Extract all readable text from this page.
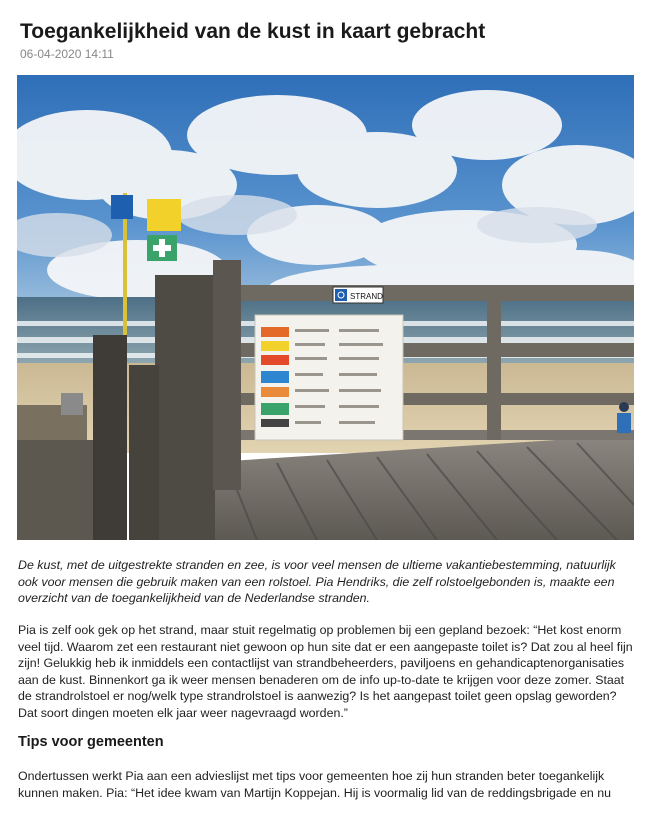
Toegankelijkheid van de kust in kaart gebracht
06-04-2020 14:11
STRAND

De kust, met de uitgestrekte stranden en zee, is voor veel mensen de ultieme vakantiebestemming, natuurlijk ook voor mensen die gebruik maken van een rolstoel. Pia Hendriks, die zelf rolstoelgebonden is, maakte een overzicht van de toegankelijkheid van de Nederlandse stranden.

Pia is zelf ook gek op het strand, maar stuit regelmatig op problemen bij een gepland bezoek: “Het kost enorm veel tijd. Waarom zet een restaurant niet gewoon op hun site dat er een aangepaste toilet is? Dat zou al heel fijn zijn! Gelukkig heb ik inmiddels een contactlijst van strandbeheerders, paviljoens en gehandicaptenorganisaties aan de kust. Binnenkort ga ik weer mensen benaderen om de info up-to-date te krijgen voor deze zomer. Staat de strandrolstoel er nog/welk type strandrolstoel is aanwezig? Is het aangepast toilet geen opslag geworden? Dat soort dingen moeten elk jaar weer nagevraagd worden.”

Tips voor gemeenten

Ondertussen werkt Pia aan een advieslijst met tips voor gemeenten hoe zij hun stranden beter toegankelijk kunnen maken. Pia: “Het idee kwam van Martijn Koppejan. Hij is voormalig lid van de reddingsbrigade en nu
